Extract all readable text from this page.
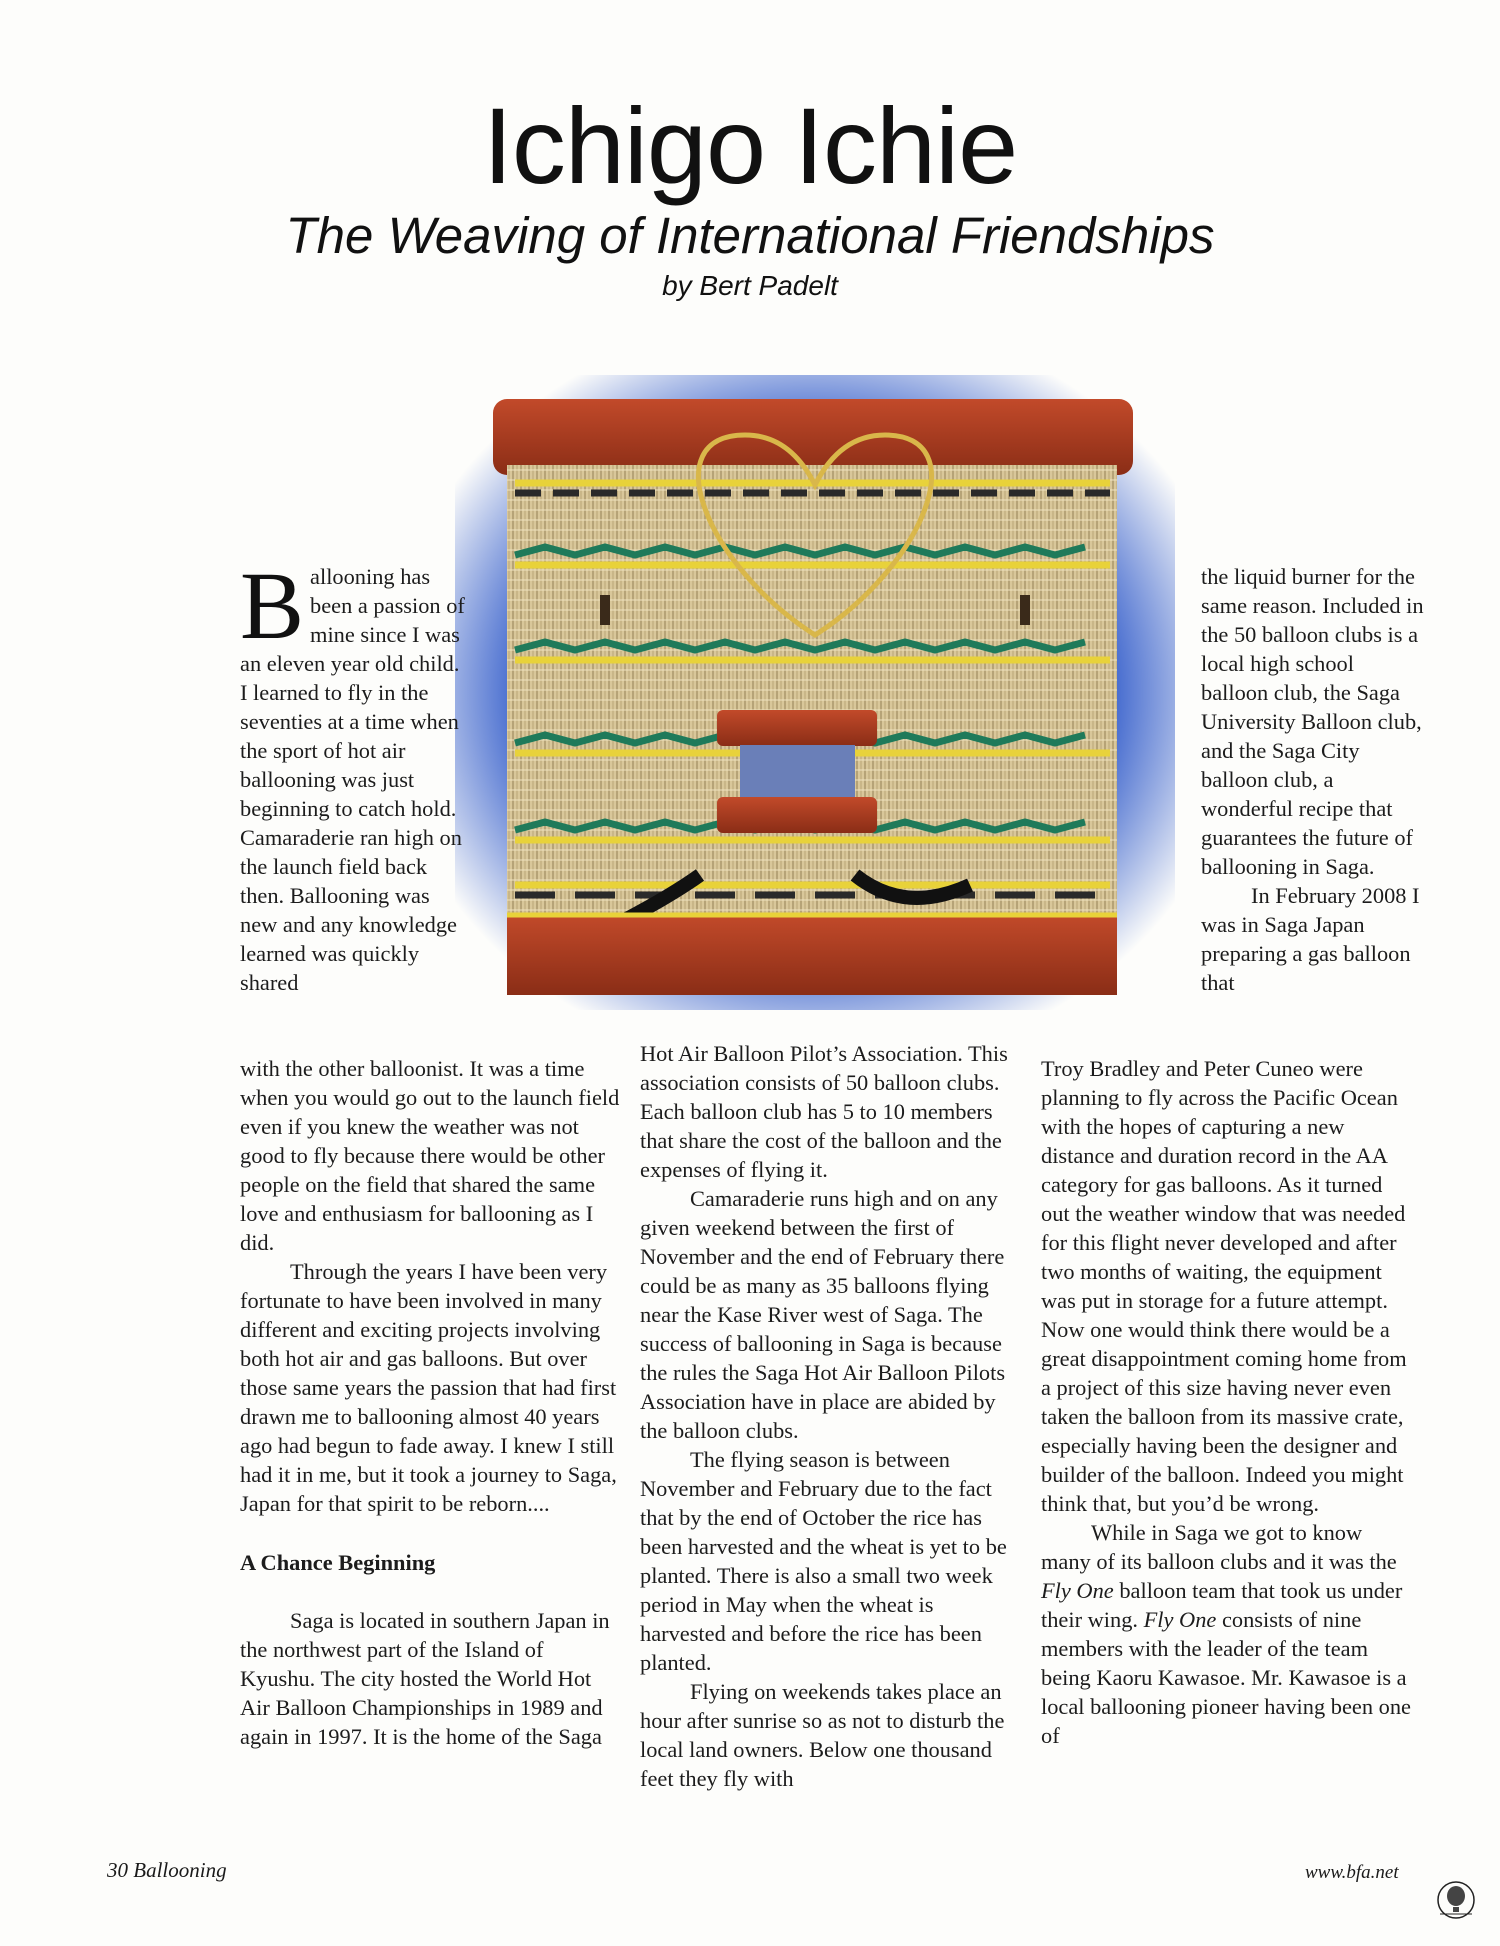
Ichigo Ichie
The Weaving of International Friendships
by Bert Padelt
B allooning has been a passion of mine since I was an eleven year old child. I learned to fly in the seventies at a time when the sport of hot air ballooning was just beginning to catch hold. Camaraderie ran high on the launch field back then. Ballooning was new and any knowledge learned was quickly shared

with the other balloonist. It was a time when you would go out to the launch field even if you knew the weather was not good to fly because there would be other people on the field that shared the same love and enthusiasm for ballooning as I did.

Through the years I have been very fortunate to have been involved in many different and exciting projects involving both hot air and gas balloons. But over those same years the passion that had first drawn me to ballooning almost 40 years ago had begun to fade away. I knew I still had it in me, but it took a journey to Saga, Japan for that spirit to be reborn....

A Chance Beginning

Saga is located in southern Japan in the northwest part of the Island of Kyushu. The city hosted the World Hot Air Balloon Championships in 1989 and again in 1997. It is the home of the Saga

Hot Air Balloon Pilot’s Association. This association consists of 50 balloon clubs. Each balloon club has 5 to 10 members that share the cost of the balloon and the expenses of flying it.

Camaraderie runs high and on any given weekend between the first of November and the end of February there could be as many as 35 balloons flying near the Kase River west of Saga. The success of ballooning in Saga is because the rules the Saga Hot Air Balloon Pilots Association have in place are abided by the balloon clubs.

The flying season is between November and February due to the fact that by the end of October the rice has been harvested and the wheat is yet to be planted. There is also a small two week period in May when the wheat is harvested and before the rice has been planted.

Flying on weekends takes place an hour after sunrise so as not to disturb the local land owners. Below one thousand feet they fly with

the liquid burner for the same reason. Included in the 50 balloon clubs is a local high school balloon club, the Saga University Balloon club, and the Saga City balloon club, a wonderful recipe that guarantees the future of ballooning in Saga.

In February 2008 I was in Saga Japan preparing a gas balloon that

Troy Bradley and Peter Cuneo were planning to fly across the Pacific Ocean with the hopes of capturing a new distance and duration record in the AA category for gas balloons. As it turned out the weather window that was needed for this flight never developed and after two months of waiting, the equipment was put in storage for a future attempt. Now one would think there would be a great disappointment coming home from a project of this size having never even taken the balloon from its massive crate, especially having been the designer and builder of the balloon. Indeed you might think that, but you’d be wrong.

While in Saga we got to know many of its balloon clubs and it was the Fly One balloon team that took us under their wing. Fly One consists of nine members with the leader of the team being Kaoru Kawasoe. Mr. Kawasoe is a local ballooning pioneer having been one of

30 Ballooning	www.bfa.net
